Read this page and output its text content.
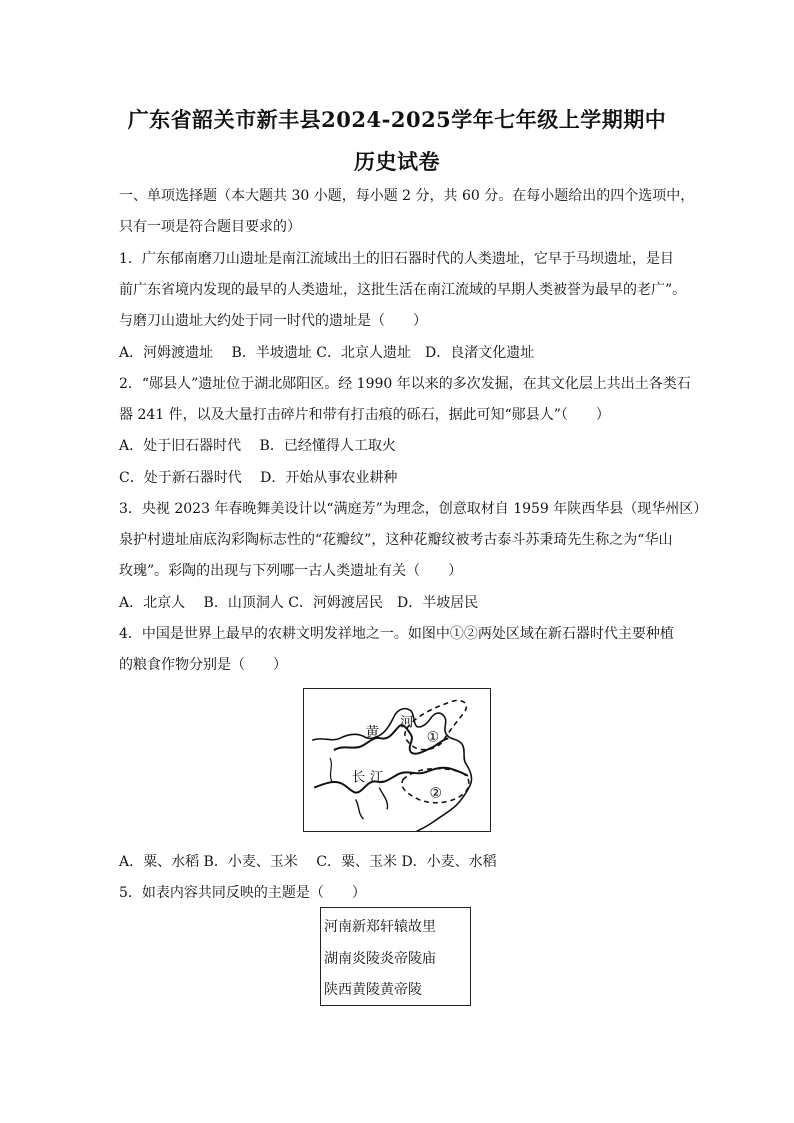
广东省韶关市新丰县2024-2025学年七年级上学期期中
历史试卷
一、单项选择题（本大题共 30 小题，每小题 2 分，共 60 分。在每小题给出的四个选项中，
只有一项是符合题目要求的）
1．广东郁南磨刀山遗址是南江流域出土的旧石器时代的人类遗址，它早于马坝遗址，是目
前广东省境内发现的最早的人类遗址，这批生活在南江流域的早期人类被誉为最早的老广”。
与磨刀山遗址大约处于同一时代的遗址是（　　）
A．河姆渡遗址　 B．半坡遗址 C．北京人遗址　D．良渚文化遗址
2．“郧县人”遗址位于湖北郧阳区。经 1990 年以来的多次发掘，在其文化层上共出土各类石
器 241 件，以及大量打击碎片和带有打击痕的砾石，据此可知“郧县人”（　　）
A．处于旧石器时代　 B．已经懂得人工取火
C．处于新石器时代　 D．开始从事农业耕种
3．央视 2023 年春晚舞美设计以“满庭芳”为理念，创意取材自 1959 年陕西华县（现华州区）
泉护村遗址庙底沟彩陶标志性的“花瓣纹”，这种花瓣纹被考古泰斗苏秉琦先生称之为“华山
玫瑰”。彩陶的出现与下列哪一古人类遗址有关（　　）
A．北京人　 B．山顶洞人 C．河姆渡居民　D．半坡居民
4．中国是世界上最早的农耕文明发祥地之一。如图中①②两处区域在新石器时代主要种植
的粮食作物分别是（　　）
黄
河
长 江
①
②
A．粟、水稻 B．小麦、玉米　 C．粟、玉米 D．小麦、水稻
5．如表内容共同反映的主题是（　　）
河南新郑轩辕故里
湖南炎陵炎帝陵庙
陕西黄陵黄帝陵
